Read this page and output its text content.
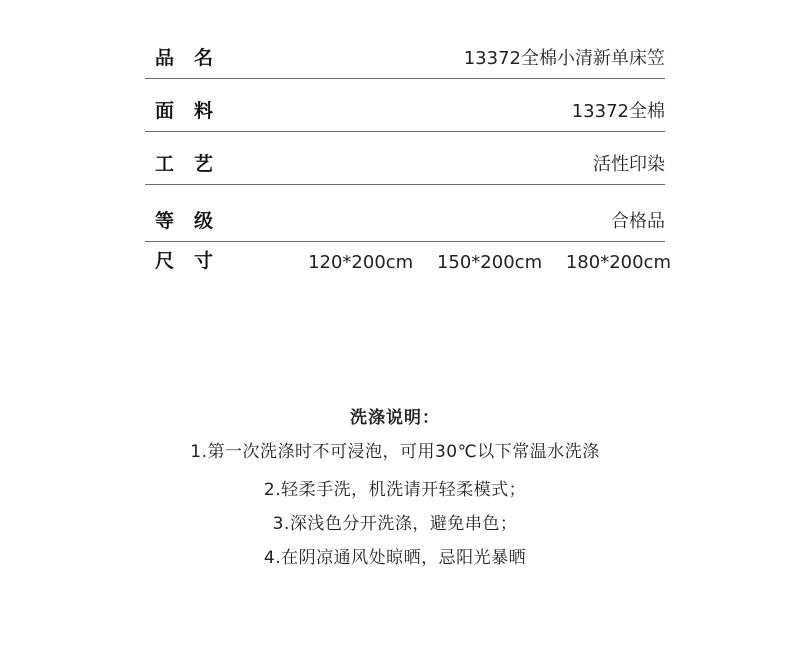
品名	13372全棉小清新单床笠
面料	13372全棉
工艺	活性印染
等级	合格品
尺寸	120*200cm 150*200cm 180*200cm
洗涤说明：
1.第一次洗涤时不可浸泡，可用30℃以下常温水洗涤
2.轻柔手洗，机洗请开轻柔模式；
3.深浅色分开洗涤，避免串色；
4.在阴凉通风处晾晒，忌阳光暴晒
